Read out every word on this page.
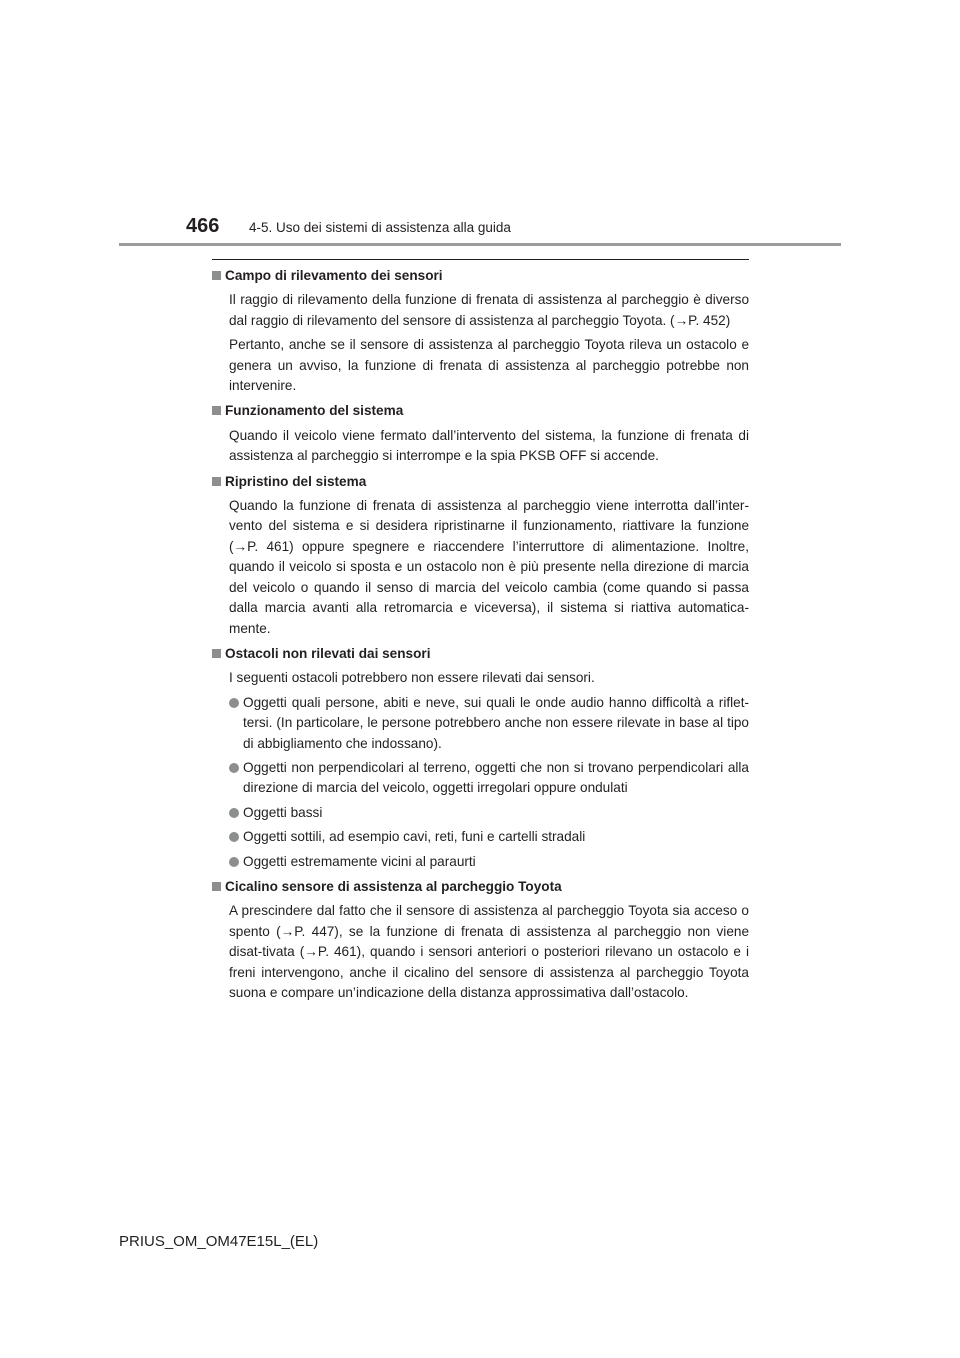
466 4-5. Uso dei sistemi di assistenza alla guida
Campo di rilevamento dei sensori

Il raggio di rilevamento della funzione di frenata di assistenza al parcheggio è diverso dal raggio di rilevamento del sensore di assistenza al parcheggio Toyota. (→P. 452)

Pertanto, anche se il sensore di assistenza al parcheggio Toyota rileva un ostacolo e genera un avviso, la funzione di frenata di assistenza al parcheggio potrebbe non intervenire.

Funzionamento del sistema

Quando il veicolo viene fermato dall’intervento del sistema, la funzione di frenata di assistenza al parcheggio si interrompe e la spia PKSB OFF si accende.

Ripristino del sistema

Quando la funzione di frenata di assistenza al parcheggio viene interrotta dall’inter-vento del sistema e si desidera ripristinarne il funzionamento, riattivare la funzione (→P. 461) oppure spegnere e riaccendere l’interruttore di alimentazione. Inoltre, quando il veicolo si sposta e un ostacolo non è più presente nella direzione di marcia del veicolo o quando il senso di marcia del veicolo cambia (come quando si passa dalla marcia avanti alla retromarcia e viceversa), il sistema si riattiva automatica-mente.

Ostacoli non rilevati dai sensori

I seguenti ostacoli potrebbero non essere rilevati dai sensori.

Oggetti quali persone, abiti e neve, sui quali le onde audio hanno difficoltà a riflet-tersi. (In particolare, le persone potrebbero anche non essere rilevate in base al tipo di abbigliamento che indossano).
Oggetti non perpendicolari al terreno, oggetti che non si trovano perpendicolari alla direzione di marcia del veicolo, oggetti irregolari oppure ondulati
Oggetti bassi
Oggetti sottili, ad esempio cavi, reti, funi e cartelli stradali
Oggetti estremamente vicini al paraurti
Cicalino sensore di assistenza al parcheggio Toyota

A prescindere dal fatto che il sensore di assistenza al parcheggio Toyota sia acceso o spento (→P. 447), se la funzione di frenata di assistenza al parcheggio non viene disat-tivata (→P. 461), quando i sensori anteriori o posteriori rilevano un ostacolo e i freni intervengono, anche il cicalino del sensore di assistenza al parcheggio Toyota suona e compare un’indicazione della distanza approssimativa dall’ostacolo.

PRIUS_OM_OM47E15L_(EL)
